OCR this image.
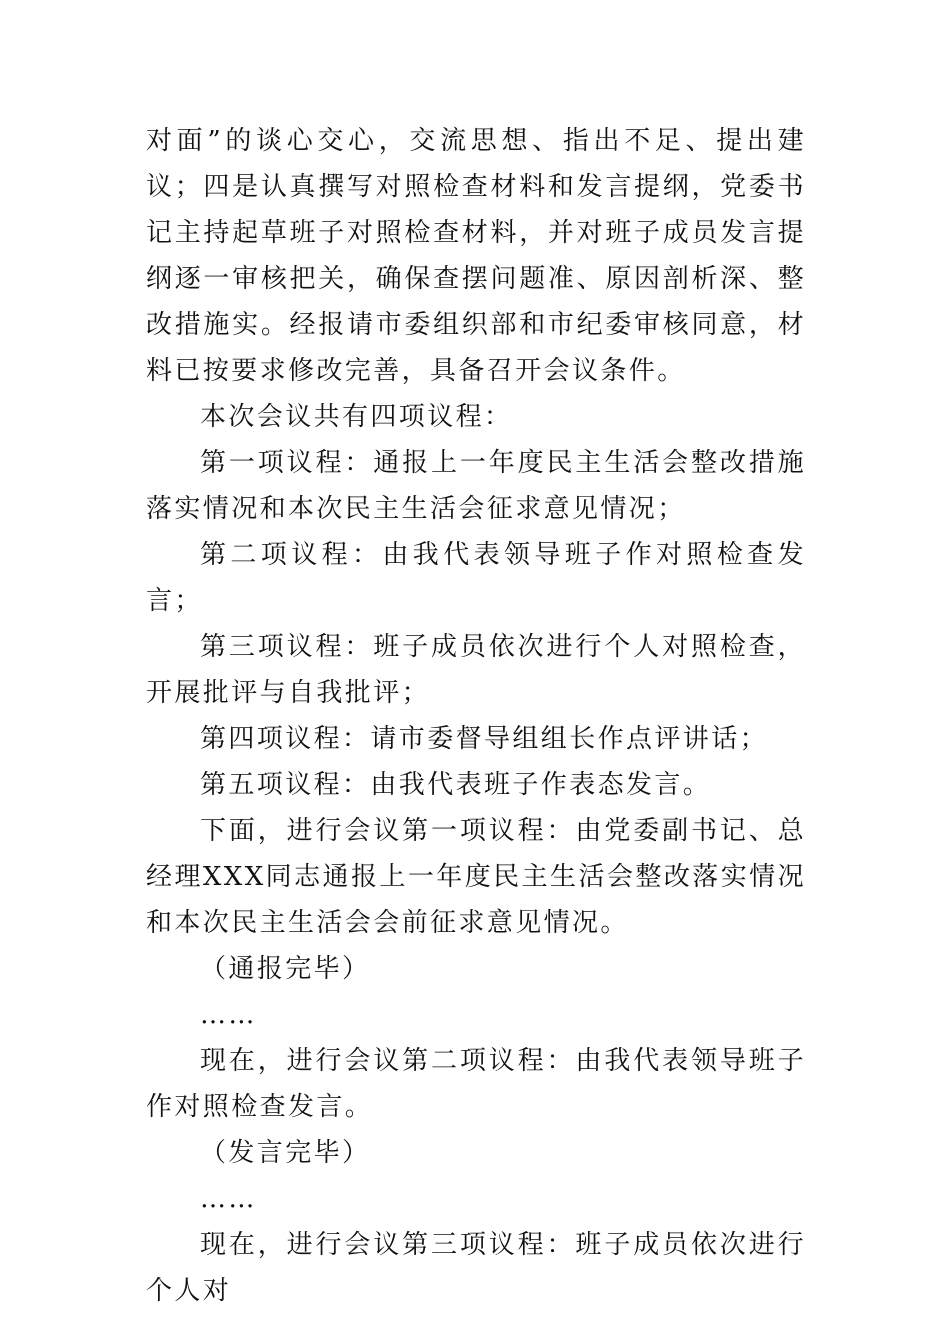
对面”的谈心交心，交流思想、指出不足、提出建议；四是认真撰写对照检查材料和发言提纲，党委书记主持起草班子对照检查材料，并对班子成员发言提纲逐一审核把关，确保查摆问题准、原因剖析深、整改措施实。经报请市委组织部和市纪委审核同意，材料已按要求修改完善，具备召开会议条件。

本次会议共有四项议程：

第一项议程：通报上一年度民主生活会整改措施落实情况和本次民主生活会征求意见情况；

第二项议程：由我代表领导班子作对照检查发言；

第三项议程：班子成员依次进行个人对照检查，开展批评与自我批评；

第四项议程：请市委督导组组长作点评讲话；

第五项议程：由我代表班子作表态发言。

下面，进行会议第一项议程：由党委副书记、总经理XXX同志通报上一年度民主生活会整改落实情况和本次民主生活会会前征求意见情况。

（通报完毕）

……

现在，进行会议第二项议程：由我代表领导班子作对照检查发言。

（发言完毕）

……

现在，进行会议第三项议程：班子成员依次进行个人对
